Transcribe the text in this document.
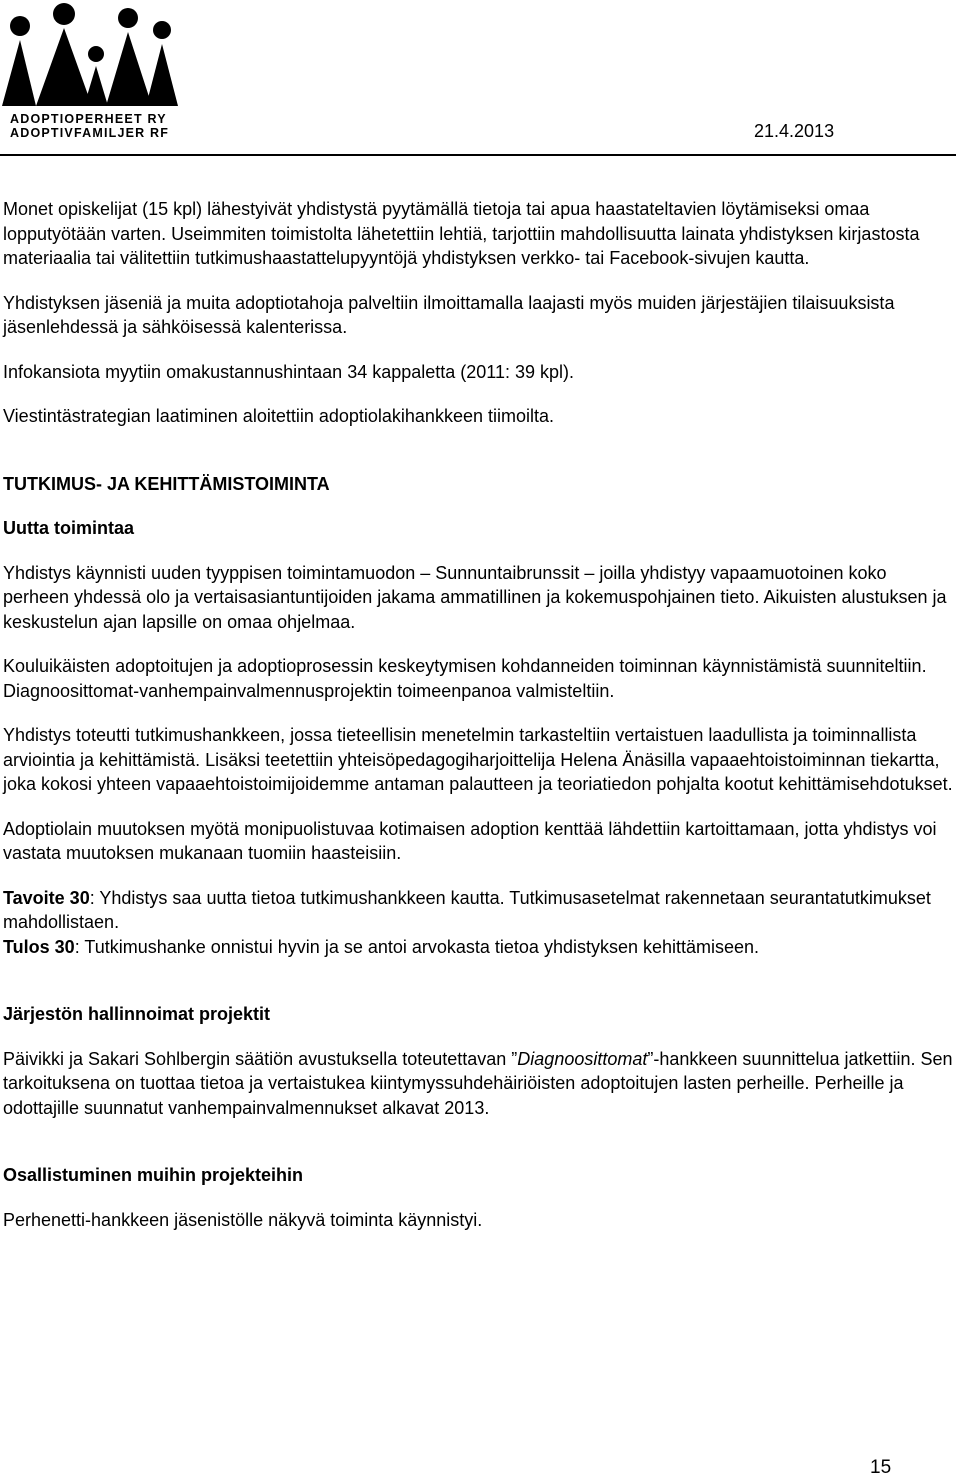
ADOPTIOPERHEET RY
ADOPTIVFAMILJER RF	21.4.2013

Monet opiskelijat (15 kpl) lähestyivät yhdistystä pyytämällä tietoja tai apua haastateltavien löytämiseksi omaa lopputyötään varten. Useimmiten toimistolta lähetettiin lehtiä, tarjottiin mahdollisuutta lainata yhdistyksen kirjastosta materiaalia tai välitettiin tutkimushaastattelupyyntöjä yhdistyksen verkko- tai Facebook-sivujen kautta.

Yhdistyksen jäseniä ja muita adoptiotahoja palveltiin ilmoittamalla laajasti myös muiden järjestäjien tilaisuuksista jäsenlehdessä ja sähköisessä kalenterissa.

Infokansiota myytiin omakustannushintaan 34 kappaletta (2011: 39 kpl).

Viestintästrategian laatiminen aloitettiin adoptiolakihankkeen tiimoilta.

TUTKIMUS- JA KEHITTÄMISTOIMINTA

Uutta toimintaa

Yhdistys käynnisti uuden tyyppisen toimintamuodon – Sunnuntaibrunssit – joilla yhdistyy vapaamuotoinen koko perheen yhdessä olo ja vertaisasiantuntijoiden jakama ammatillinen ja kokemuspohjainen tieto. Aikuisten alustuksen ja keskustelun ajan lapsille on omaa ohjelmaa.

Kouluikäisten adoptoitujen ja adoptioprosessin keskeytymisen kohdanneiden toiminnan käynnistämistä suunniteltiin. Diagnoosittomat-vanhempainvalmennusprojektin toimeenpanoa valmisteltiin.

Yhdistys toteutti tutkimushankkeen, jossa tieteellisin menetelmin tarkasteltiin vertaistuen laadullista ja toiminnallista arviointia ja kehittämistä. Lisäksi teetettiin yhteisöpedagogiharjoittelija Helena Änäsilla vapaaehtoistoiminnan tiekartta, joka kokosi yhteen vapaaehtoistoimijoidemme antaman palautteen ja teoriatiedon pohjalta kootut kehittämisehdotukset.

Adoptiolain muutoksen myötä monipuolistuvaa kotimaisen adoption kenttää lähdettiin kartoittamaan, jotta yhdistys voi vastata muutoksen mukanaan tuomiin haasteisiin.

Tavoite 30: Yhdistys saa uutta tietoa tutkimushankkeen kautta. Tutkimusasetelmat rakennetaan seurantatutkimukset mahdollistaen.
Tulos 30: Tutkimushanke onnistui hyvin ja se antoi arvokasta tietoa yhdistyksen kehittämiseen.

Järjestön hallinnoimat projektit

Päivikki ja Sakari Sohlbergin säätiön avustuksella toteutettavan ”Diagnoosittomat”-hankkeen suunnittelua jatkettiin. Sen tarkoituksena on tuottaa tietoa ja vertaistukea kiintymyssuhdehäiriöisten adoptoitujen lasten perheille. Perheille ja odottajille suunnatut vanhempainvalmennukset alkavat 2013.

Osallistuminen muihin projekteihin

Perhenetti-hankkeen jäsenistölle näkyvä toiminta käynnistyi.

15
